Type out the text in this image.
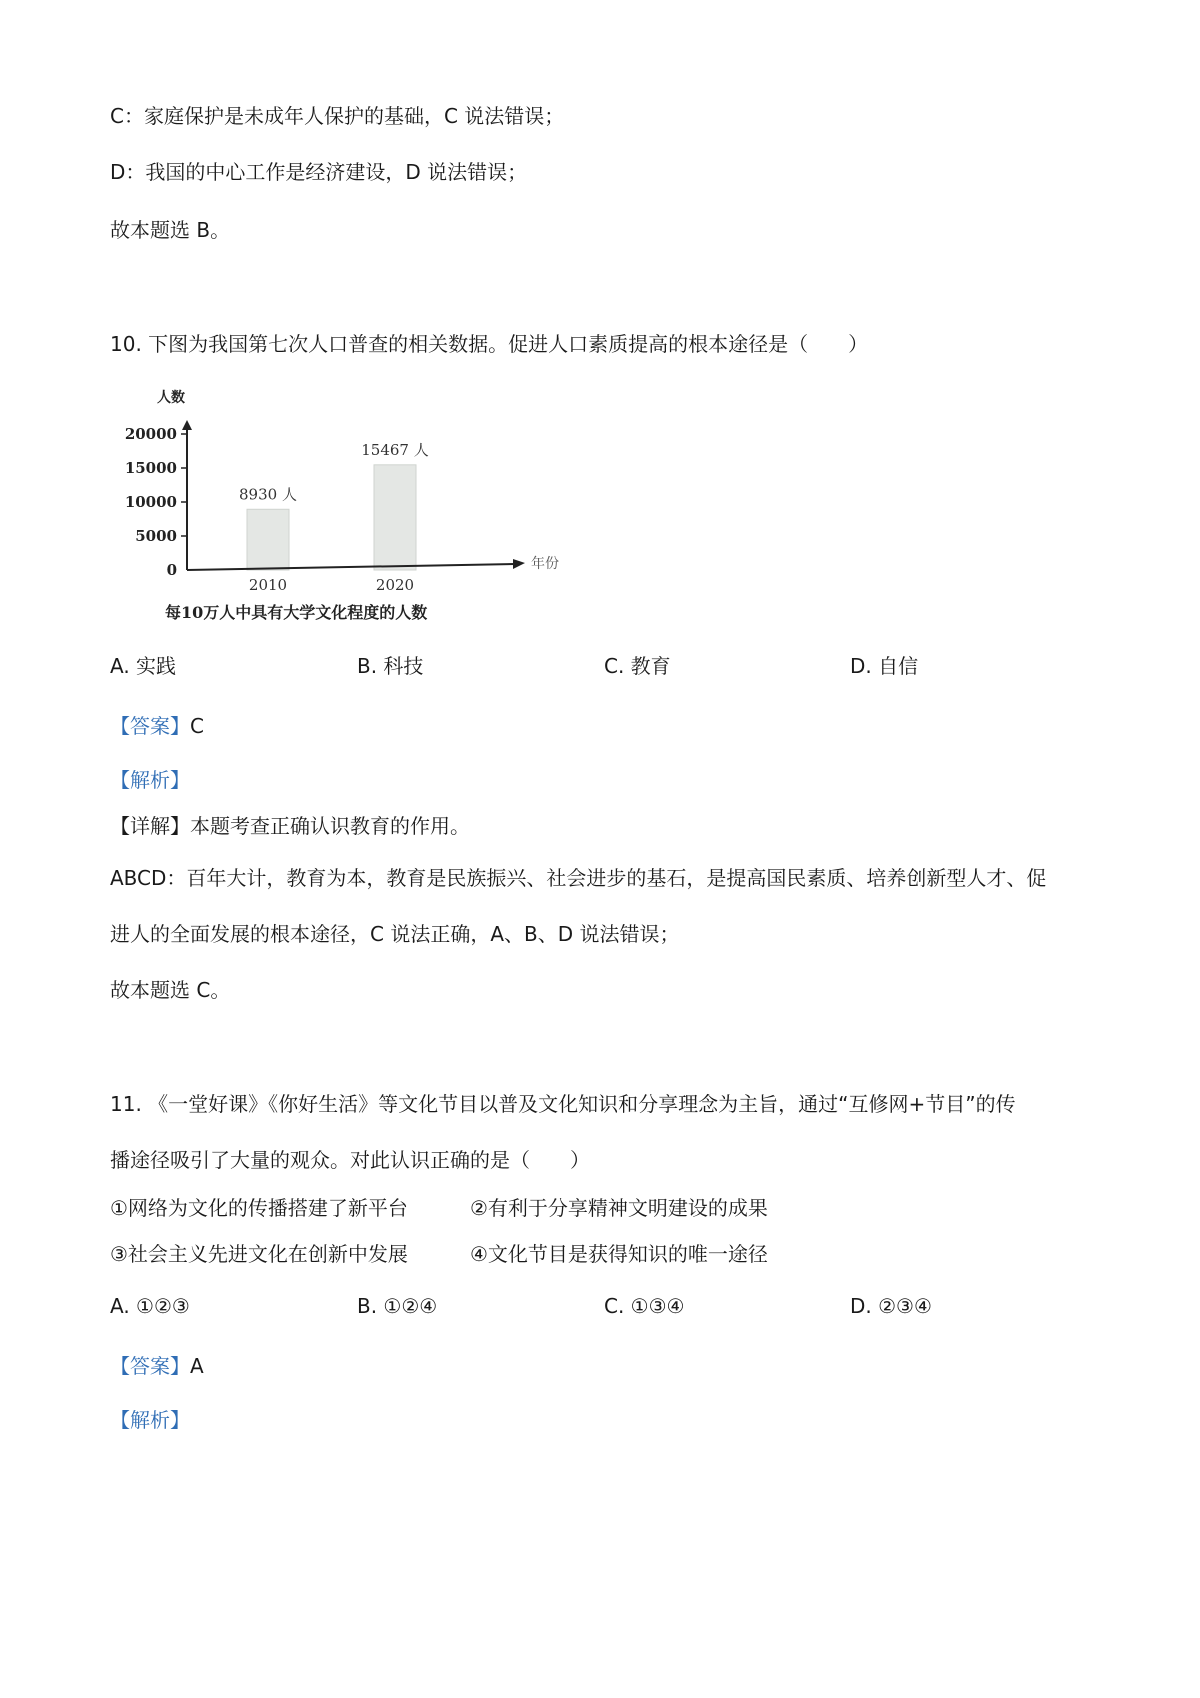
C：家庭保护是未成年人保护的基础，C 说法错误；
D：我国的中心工作是经济建设，D 说法错误；
故本题选 B。
10. 下图为我国第七次人口普查的相关数据。促进人口素质提高的根本途径是（　　）
8930 人
2010
15467 人
2020
0
5000
10000
15000
20000
人数
年份
每10万人中具有大学文化程度的人数
A. 实践	B. 科技	C. 教育	D. 自信
【答案】C
【解析】
【详解】本题考查正确认识教育的作用。
ABCD：百年大计，教育为本，教育是民族振兴、社会进步的基石，是提高国民素质、培养创新型人才、促
进人的全面发展的根本途径，C 说法正确，A、B、D 说法错误；
故本题选 C。
11. 《一堂好课》《你好生活》等文化节目以普及文化知识和分享理念为主旨，通过“互修网+节目”的传
播途径吸引了大量的观众。对此认识正确的是（　　）
①网络为文化的传播搭建了新平台	②有利于分享精神文明建设的成果
③社会主义先进文化在创新中发展	④文化节目是获得知识的唯一途径
A. ①②③	B. ①②④	C. ①③④	D. ②③④
【答案】A
【解析】
